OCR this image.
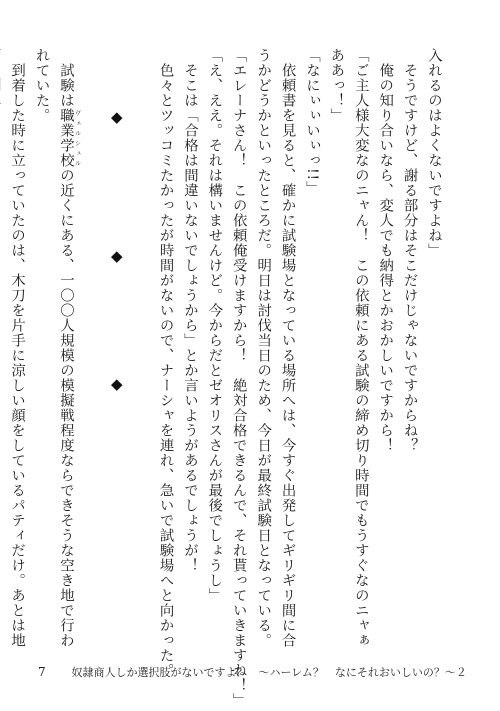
入れるのはよくないですよね」
　そうですけど、謝る部分はそこだけじゃないですからね？
　俺の知り合いなら、変人でも納得とかおかしいですから！
「ご主人様大変なのニャん！　この依頼にある試験の締め切り時間でもうすぐなのニャぁああっ！」
「なにぃぃいぃっ!!」
　依頼書を見ると、確かに試験場となっている場所へは、今すぐ出発してギリギリ間に合うかどうかといったところだ。明日は討伐当日のため、今日が最終試験日となっている。
「エレーナさん！　この依頼俺受けますから！　絶対合格できるんで、それ貰っていきますね！」
「え、ええ。それは構いませんけど。今からだとゼオリスさんが最後でしょうし」
　そこは「合格は間違いないでしょうから」とか言いようがあるでしょうが！
　色々とツッコミたかったが時間がないので、ナーシャを連れ、急いで試験場へと向かった。
◆◆◆
　試験は職業学校 ヴェルシュルの近くにある、一〇〇人規模の模擬戦程度ならできそうな空き地で行われていた。
　到着した時に立っていたのは、木刀を片手に涼しい顔をしているパティだけ。あとは地
7 奴隷商人しか選択肢がないですよ？　〜ハーレム？　なにそれおいしいの？〜２
